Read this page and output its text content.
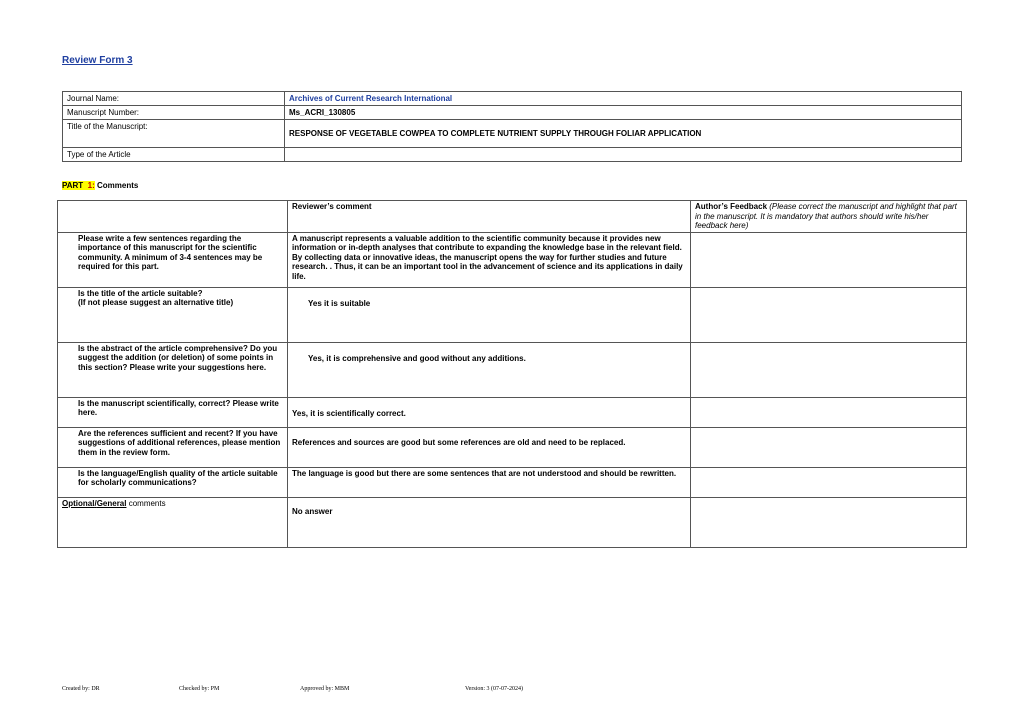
Review Form 3
Journal Name:	Archives of Current Research International
Manuscript Number:	Ms_ACRI_130805
Title of the Manuscript:	RESPONSE OF VEGETABLE COWPEA TO COMPLETE NUTRIENT SUPPLY THROUGH FOLIAR APPLICATION
Type of the Article	
PART 1: Comments
	Reviewer’s comment	Author’s Feedback (Please correct the manuscript and highlight that part in the manuscript. It is mandatory that authors should write his/her feedback here)
Please write a few sentences regarding the importance of this manuscript for the scientific community. A minimum of 3-4 sentences may be required for this part.	A manuscript represents a valuable addition to the scientific community because it provides new information or in-depth analyses that contribute to expanding the knowledge base in the relevant field. By collecting data or innovative ideas, the manuscript opens the way for further studies and future research. . Thus, it can be an important tool in the advancement of science and its applications in daily life.	
Is the title of the article suitable?
(If not please suggest an alternative title)	Yes it is suitable	

Is the abstract of the article comprehensive? Do you suggest the addition (or deletion) of some points in this section? Please write your suggestions here.	Yes, it is comprehensive and good without any additions.	

Is the manuscript scientifically, correct? Please write here.	Yes, it is scientifically correct.	

Are the references sufficient and recent? If you have suggestions of additional references, please mention them in the review form.	References and sources are good but some references are old and need to be replaced.	

Is the language/English quality of the article suitable for scholarly communications?	The language is good but there are some sentences that are not understood and should be rewritten.	
Optional/General comments	No answer	

Created by: DR	Checked by: PM	Approved by: MBM	Version: 3 (07-07-2024)
